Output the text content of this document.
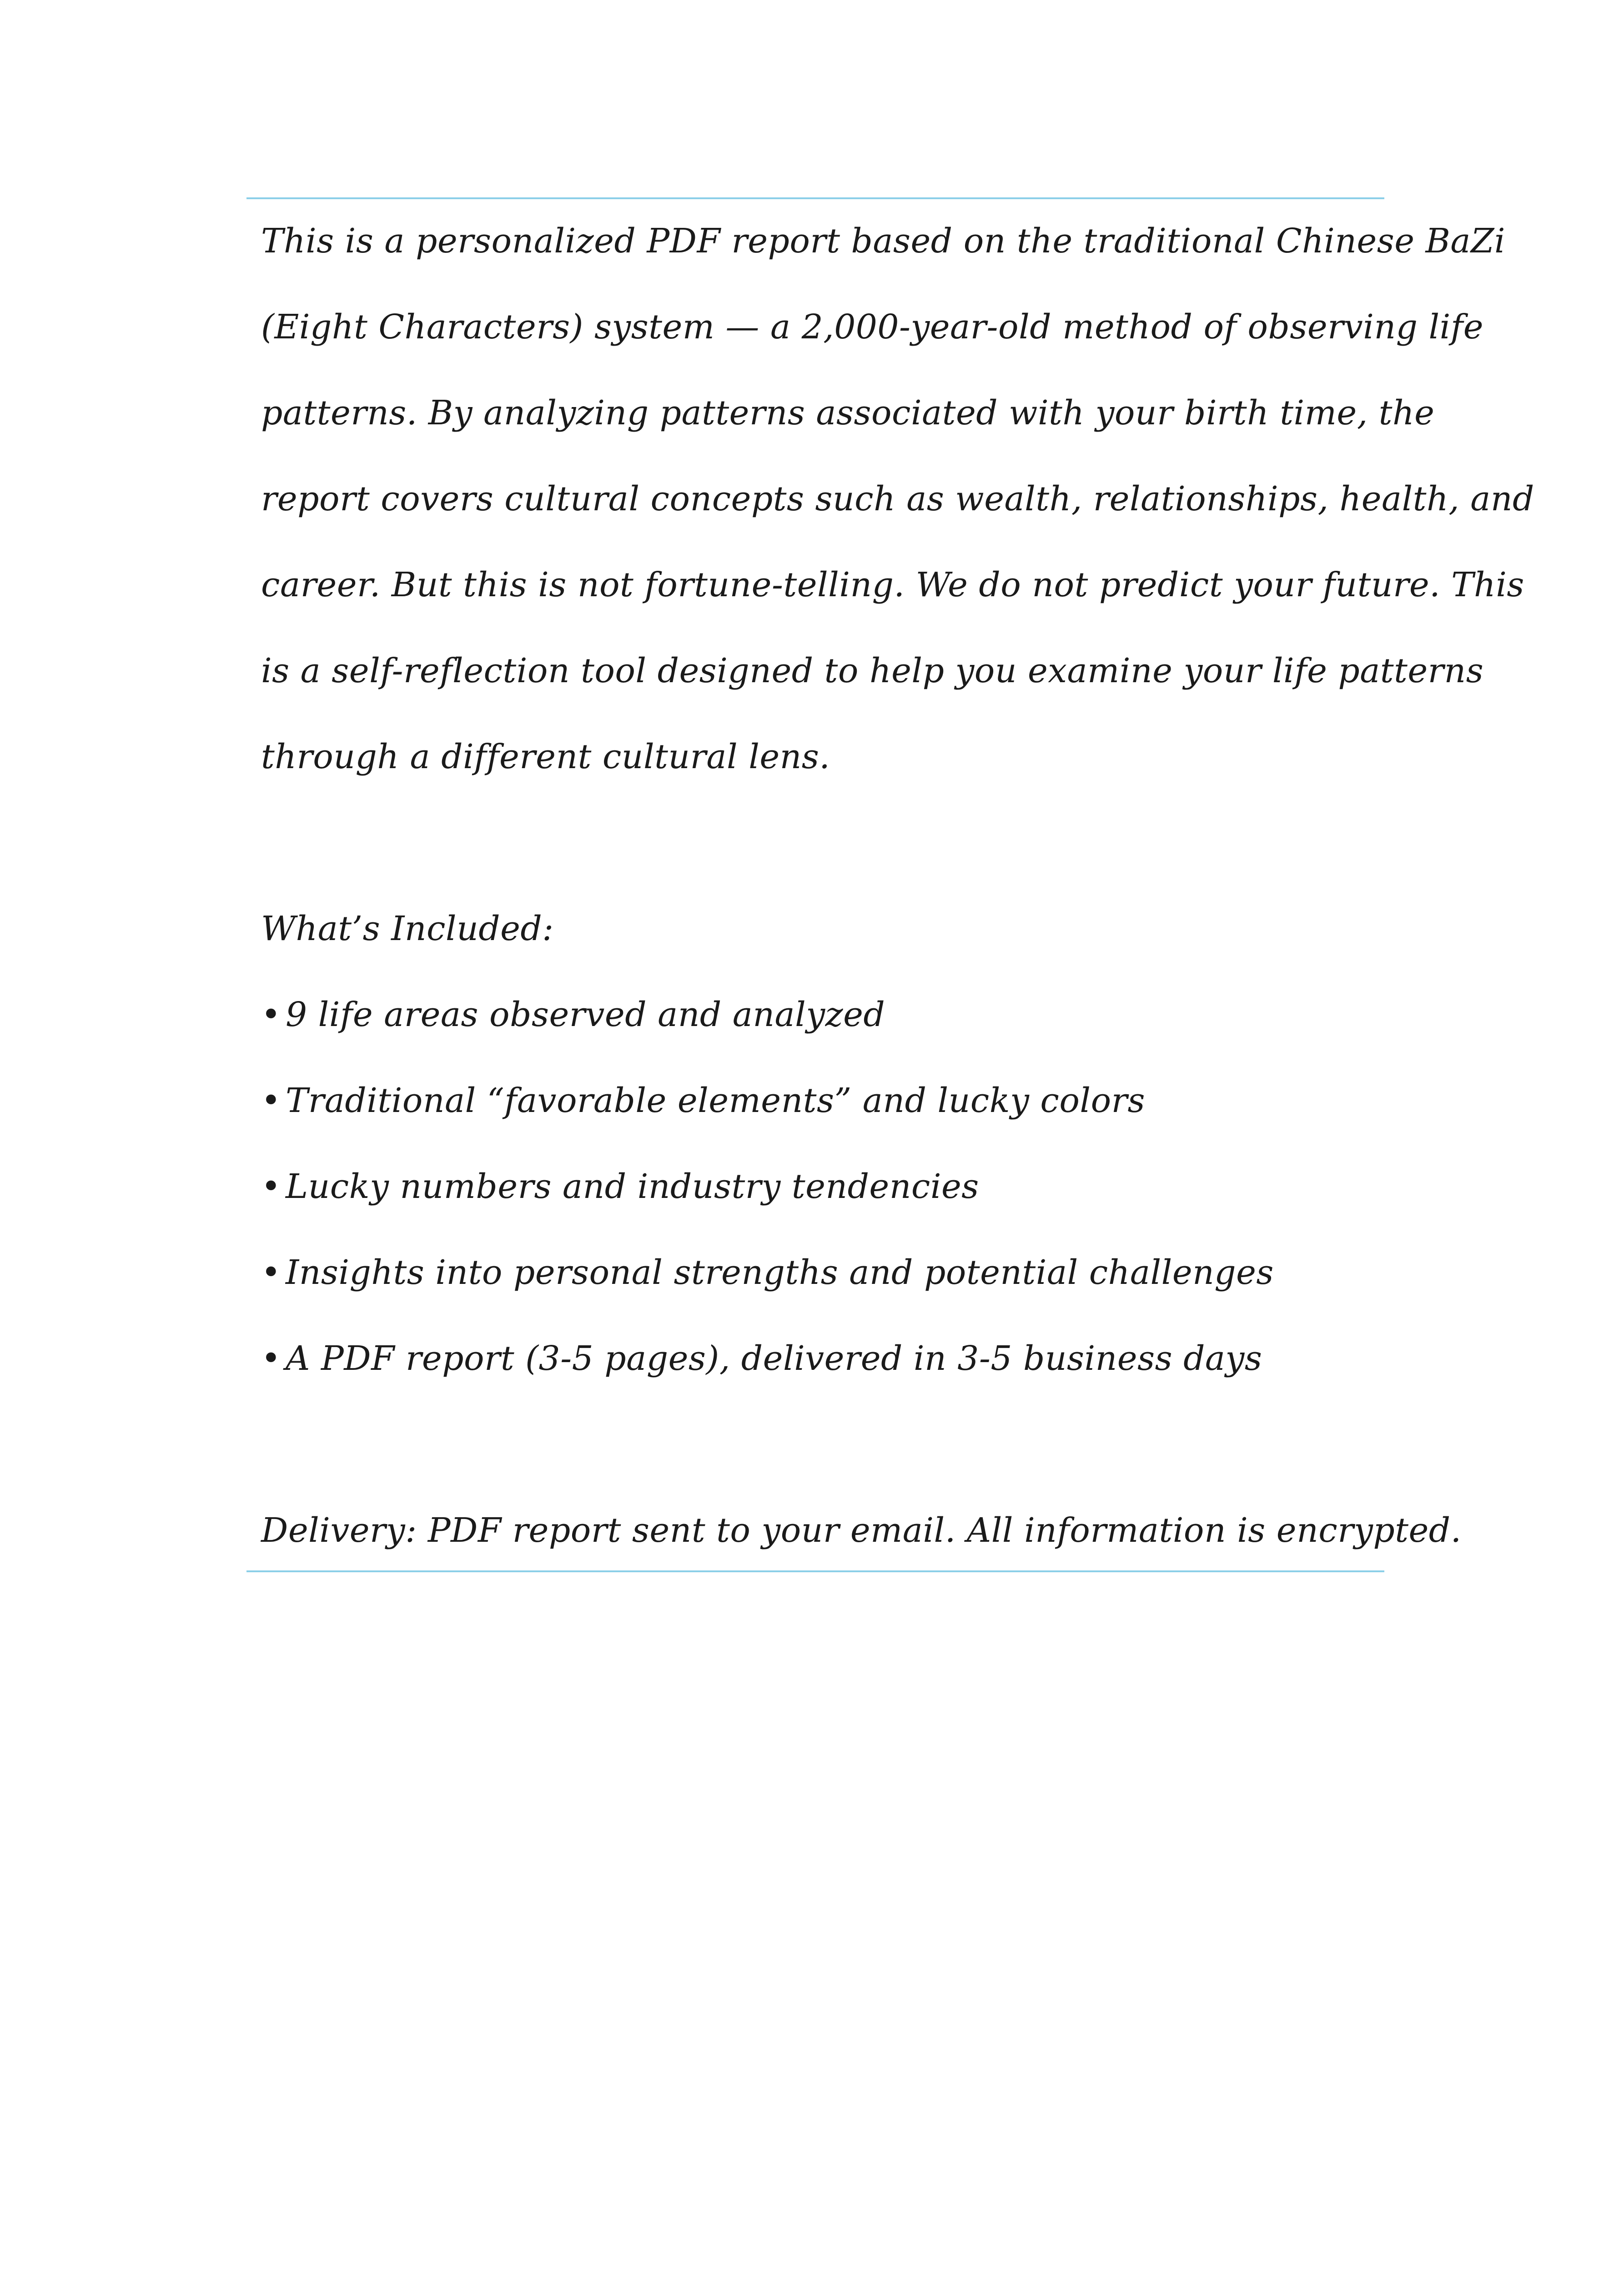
This is a personalized PDF report based on the traditional Chinese BaZi
(Eight Characters) system — a 2,000-year-old method of observing life
patterns. By analyzing patterns associated with your birth time, the
report covers cultural concepts such as wealth, relationships, health, and
career. But this is not fortune-telling. We do not predict your future. This
is a self-reflection tool designed to help you examine your life patterns
through a different cultural lens.
What’s Included:
• 9 life areas observed and analyzed
• Traditional “favorable elements” and lucky colors
• Lucky numbers and industry tendencies
• Insights into personal strengths and potential challenges
• A PDF report (3-5 pages), delivered in 3-5 business days
Delivery: PDF report sent to your email. All information is encrypted.
